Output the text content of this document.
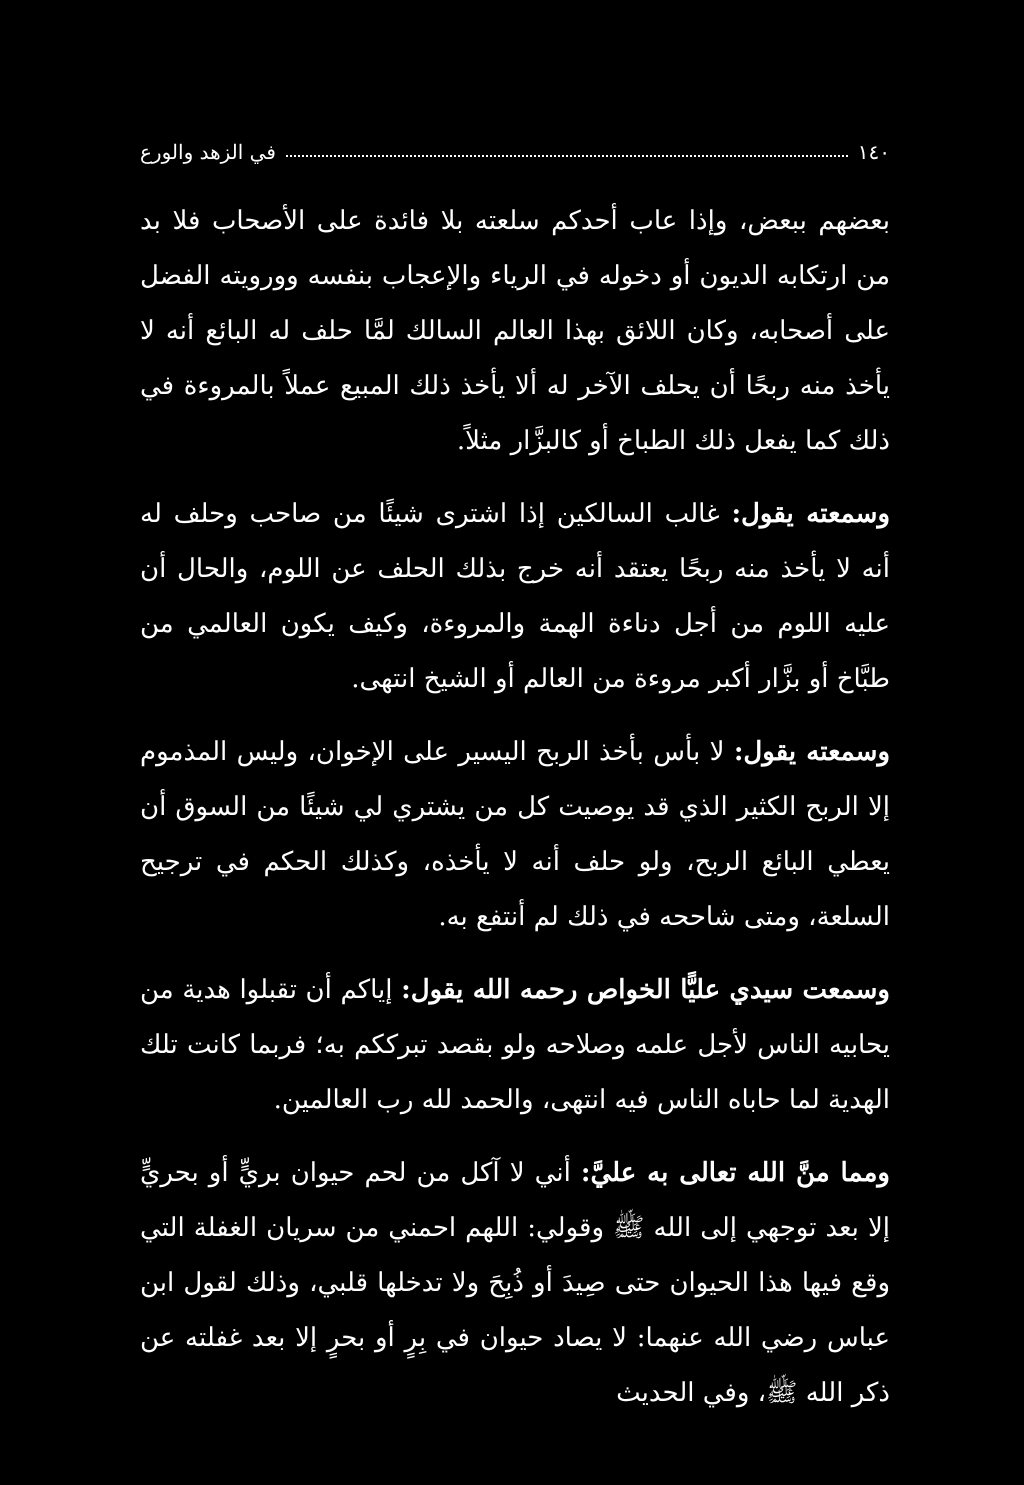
١٤٠
في الزهد والورع

بعضهم ببعض، وإذا عاب أحدكم سلعته بلا فائدة على الأصحاب فلا بد من ارتكابه الديون أو دخوله في الرياء والإعجاب بنفسه وورويته الفضل على أصحابه، وكان اللائق بهذا العالم السالك لمَّا حلف له البائع أنه لا يأخذ منه ربحًا أن يحلف الآخر له ألا يأخذ ذلك المبيع عملاً بالمروءة في ذلك كما يفعل ذلك الطباخ أو كالبزَّار مثلاً.

وسمعته يقول: غالب السالكين إذا اشترى شيئًا من صاحب وحلف له أنه لا يأخذ منه ربحًا يعتقد أنه خرج بذلك الحلف عن اللوم، والحال أن عليه اللوم من أجل دناءة الهمة والمروءة، وكيف يكون العالمي من طبَّاخ أو بزَّار أكبر مروءة من العالم أو الشيخ انتهى.

وسمعته يقول: لا بأس بأخذ الربح اليسير على الإخوان، وليس المذموم إلا الربح الكثير الذي قد يوصيت كل من يشتري لي شيئًا من السوق أن يعطي البائع الربح، ولو حلف أنه لا يأخذه، وكذلك الحكم في ترجيح السلعة، ومتى شاححه في ذلك لم أنتفع به.

وسمعت سيدي عليًّا الخواص رحمه الله يقول: إياكم أن تقبلوا هدية من يحابيه الناس لأجل علمه وصلاحه ولو بقصد تبرككم به؛ فربما كانت تلك الهدية لما حاباه الناس فيه انتهى، والحمد لله رب العالمين.

ومما منَّ الله تعالى به عليَّ: أني لا آكل من لحم حيوان بريٍّ أو بحريٍّ إلا بعد توجهي إلى الله ﷺ وقولي: اللهم احمني من سريان الغفلة التي وقع فيها هذا الحيوان حتى صِيدَ أو ذُبِحَ ولا تدخلها قلبي، وذلك لقول ابن عباس رضي الله عنهما: لا يصاد حيوان في بِرٍ أو بحرٍ إلا بعد غفلته عن ذكر الله ﷺ، وفي الحديث
